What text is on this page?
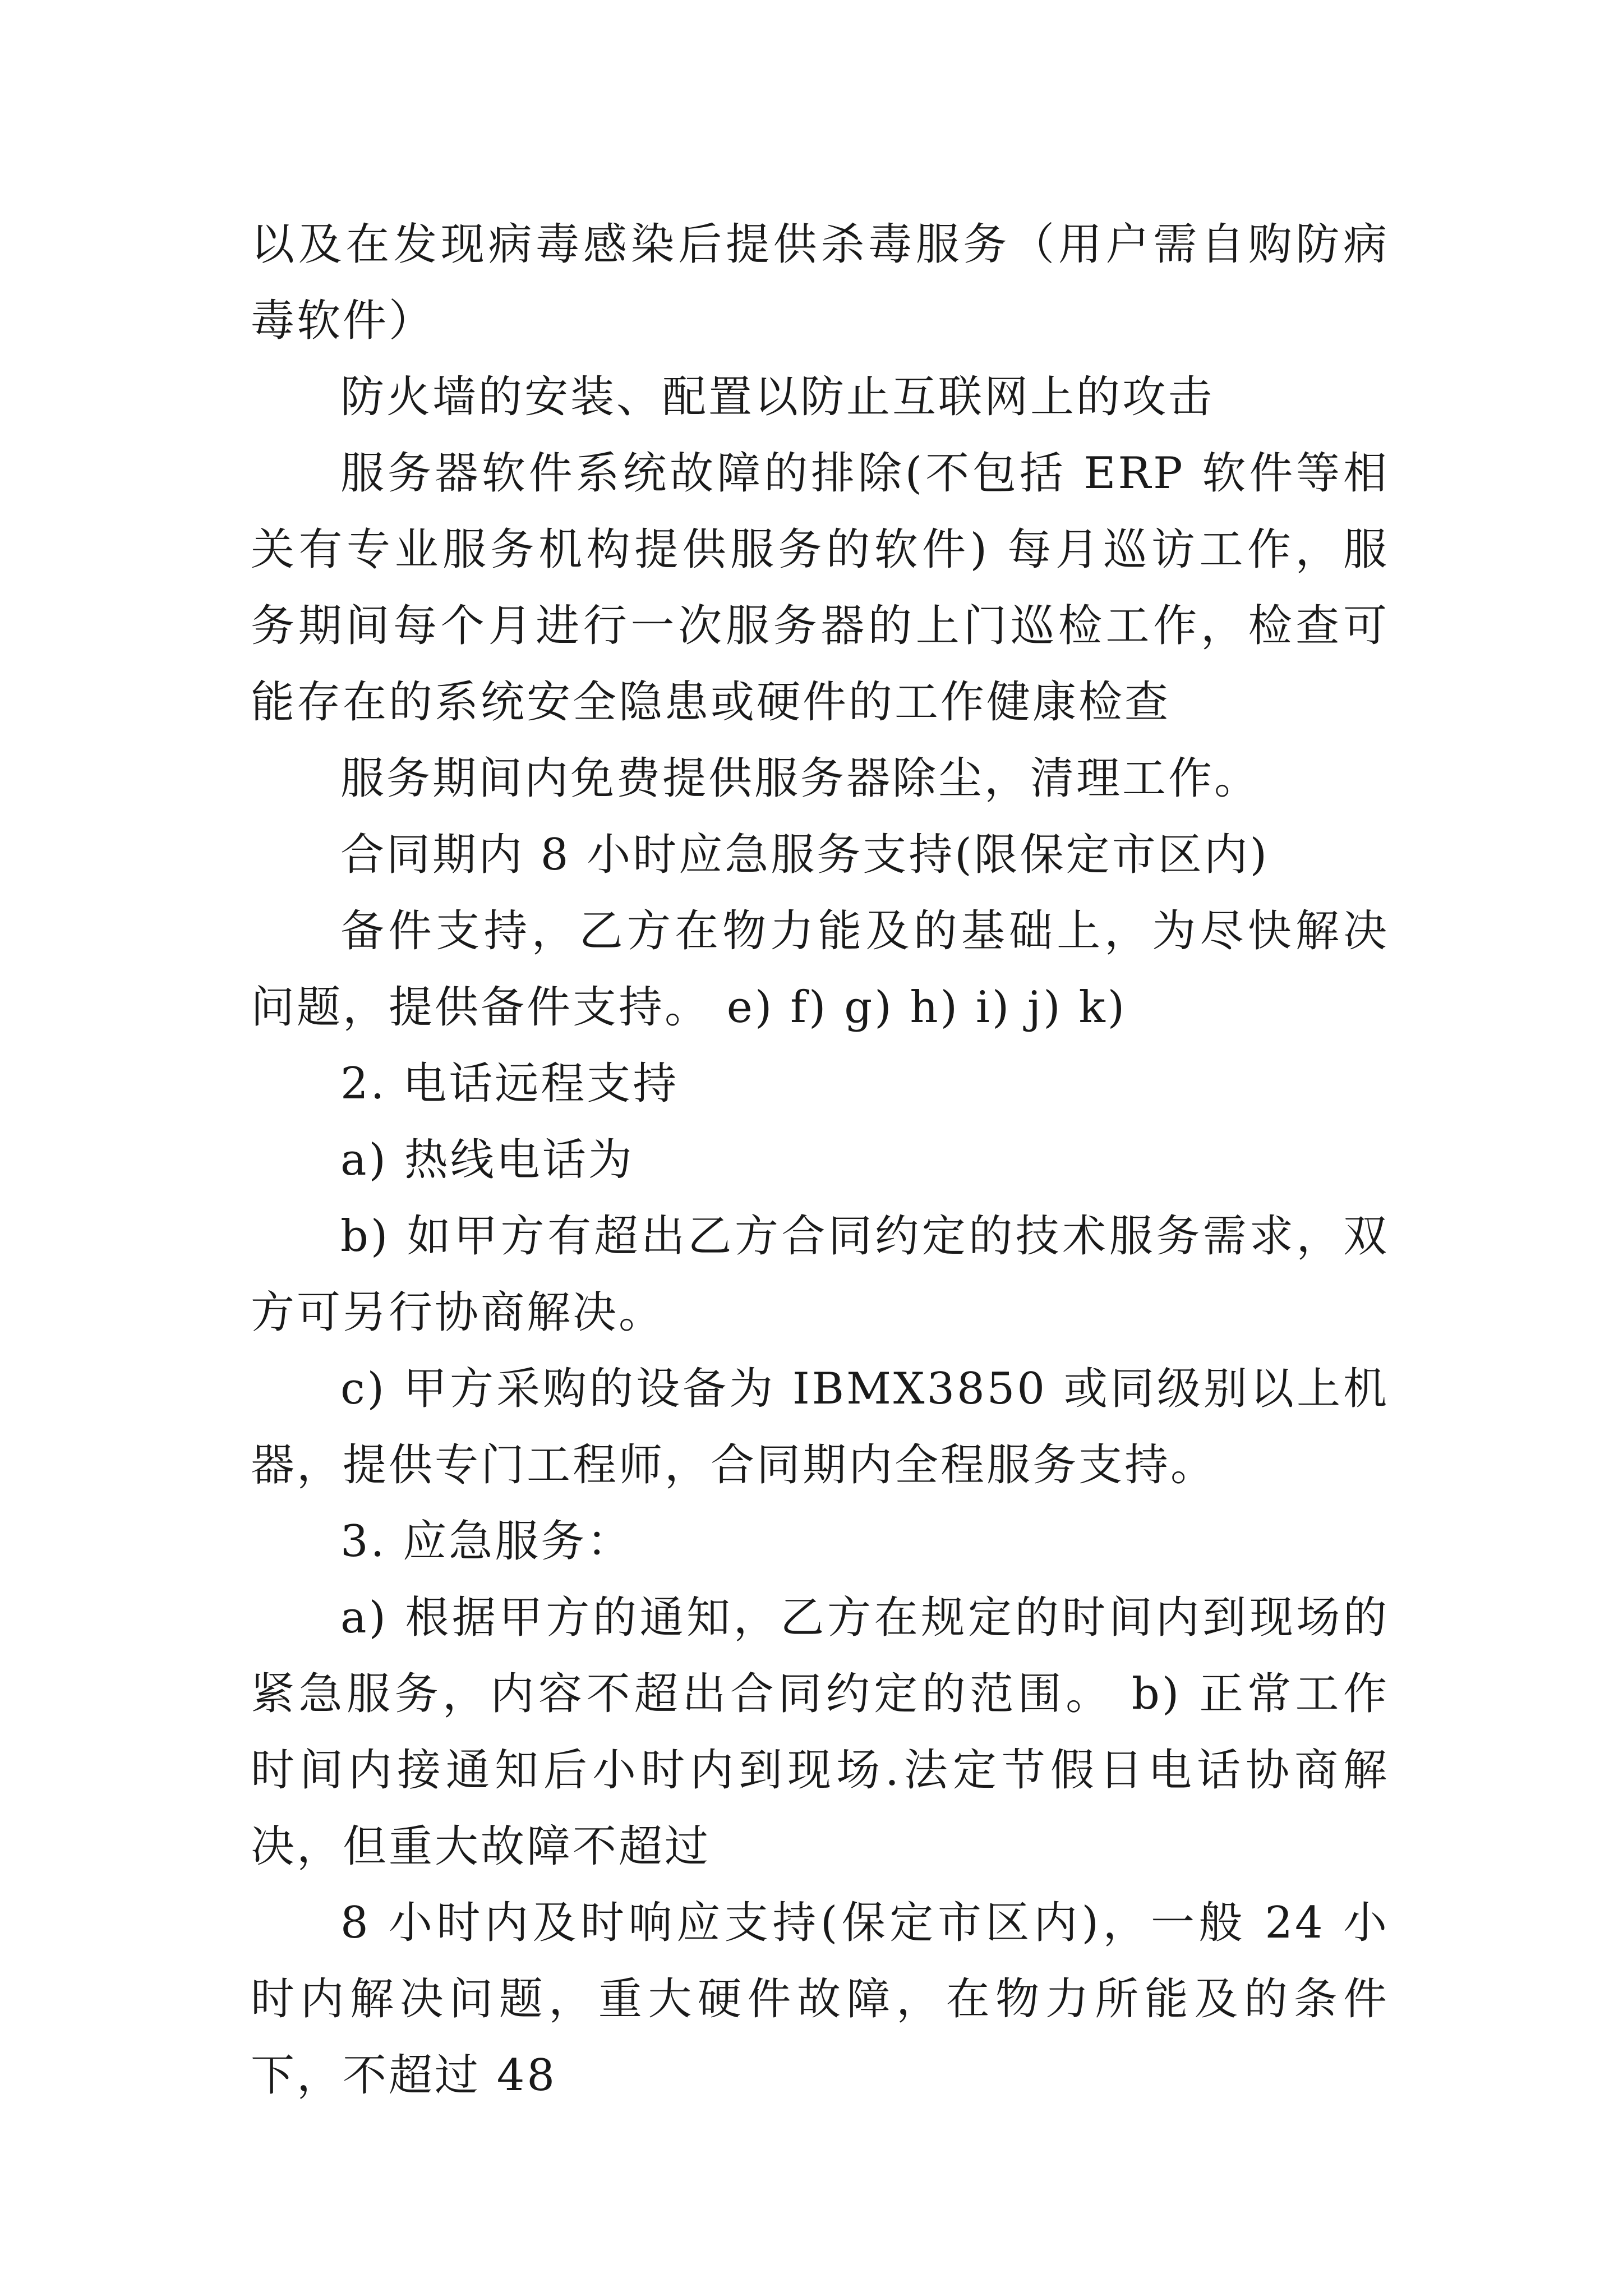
以及在发现病毒感染后提供杀毒服务（用户需自购防病毒软件）

防火墙的安装、配置以防止互联网上的攻击

服务器软件系统故障的排除(不包括 ERP 软件等相关有专业服务机构提供服务的软件) 每月巡访工作，服务期间每个月进行一次服务器的上门巡检工作，检查可能存在的系统安全隐患或硬件的工作健康检查

服务期间内免费提供服务器除尘，清理工作。

合同期内 8 小时应急服务支持(限保定市区内)

备件支持，乙方在物力能及的基础上，为尽快解决问题，提供备件支持。 e) f) g) h) i) j) k)

2. 电话远程支持

a) 热线电话为

b) 如甲方有超出乙方合同约定的技术服务需求，双方可另行协商解决。

c) 甲方采购的设备为 IBMX3850 或同级别以上机器，提供专门工程师，合同期内全程服务支持。

3. 应急服务：

a) 根据甲方的通知，乙方在规定的时间内到现场的紧急服务，内容不超出合同约定的范围。 b) 正常工作时间内接通知后小时内到现场.法定节假日电话协商解决，但重大故障不超过

8 小时内及时响应支持(保定市区内)，一般 24 小时内解决问题，重大硬件故障，在物力所能及的条件下，不超过 48
